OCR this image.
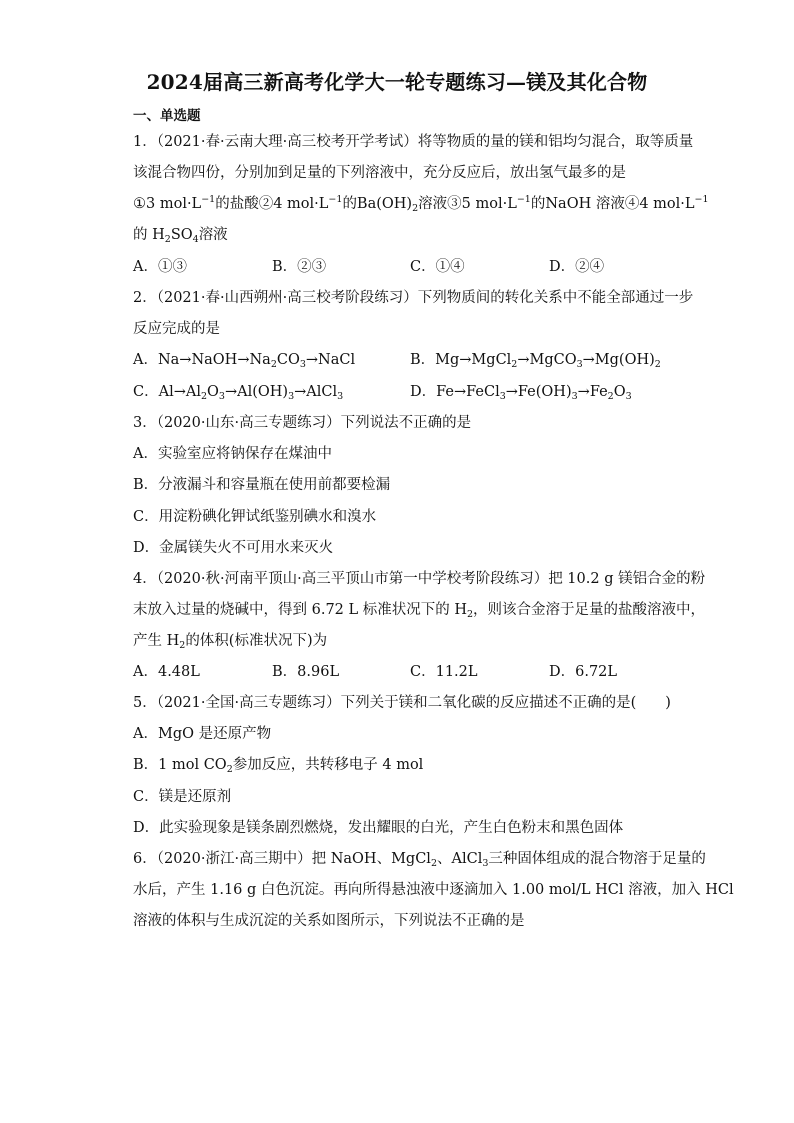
2024届高三新高考化学大一轮专题练习—镁及其化合物
一、单选题
1．（2021·春·云南大理·高三校考开学考试）将等物质的量的镁和铝均匀混合，取等质量
该混合物四份，分别加到足量的下列溶液中，充分反应后，放出氢气最多的是
①3 $mol\cdot L^{-1}$的盐酸②4 $mol\cdot L^{-1}$的$Ba(OH)_2$溶液③5 $mol\cdot L^{-1}$的NaOH 溶液④4 $mol\cdot L^{-1}$
的 $H_2SO_4$溶液
A．①③	B．②③	C．①④	D．②④
2．（2021·春·山西朔州·高三校考阶段练习）下列物质间的转化关系中不能全部通过一步
反应完成的是
A．$Na\to NaOH\to Na_2CO_3\to NaCl$	B．$Mg\to MgCl_2\to MgCO_3\to Mg(OH)_2$
C．$Al\to Al_2O_3\to Al(OH)_3\to AlCl_3$	D．$Fe\to FeCl_3\to Fe(OH)_3\to Fe_2O_3$
3．（2020·山东·高三专题练习）下列说法不正确的是
A．实验室应将钠保存在煤油中
B．分液漏斗和容量瓶在使用前都要检漏
C．用淀粉碘化钾试纸鉴别碘水和溴水
D．金属镁失火不可用水来灭火
4．（2020·秋·河南平顶山·高三平顶山市第一中学校考阶段练习）把 10.2 g 镁铝合金的粉
末放入过量的烧碱中，得到 6.72 L 标准状况下的 $H_2$，则该合金溶于足量的盐酸溶液中，
产生 $H_2$的体积(标准状况下)为
A．4.48L	B．8.96L	C．11.2L	D．6.72L
5．（2021·全国·高三专题练习）下列关于镁和二氧化碳的反应描述不正确的是(　　)
A．MgO 是还原产物
B．1 mol $CO_2$参加反应，共转移电子 4 mol
C．镁是还原剂
D．此实验现象是镁条剧烈燃烧，发出耀眼的白光，产生白色粉末和黑色固体
6．（2020·浙江·高三期中）把 NaOH、MgCl$_2$、AlCl$_3$三种固体组成的混合物溶于足量的
水后，产生 1.16 g 白色沉淀。再向所得悬浊液中逐滴加入 1.00 mol/L HCl 溶液，加入 HCl
溶液的体积与生成沉淀的关系如图所示，下列说法不正确的是
